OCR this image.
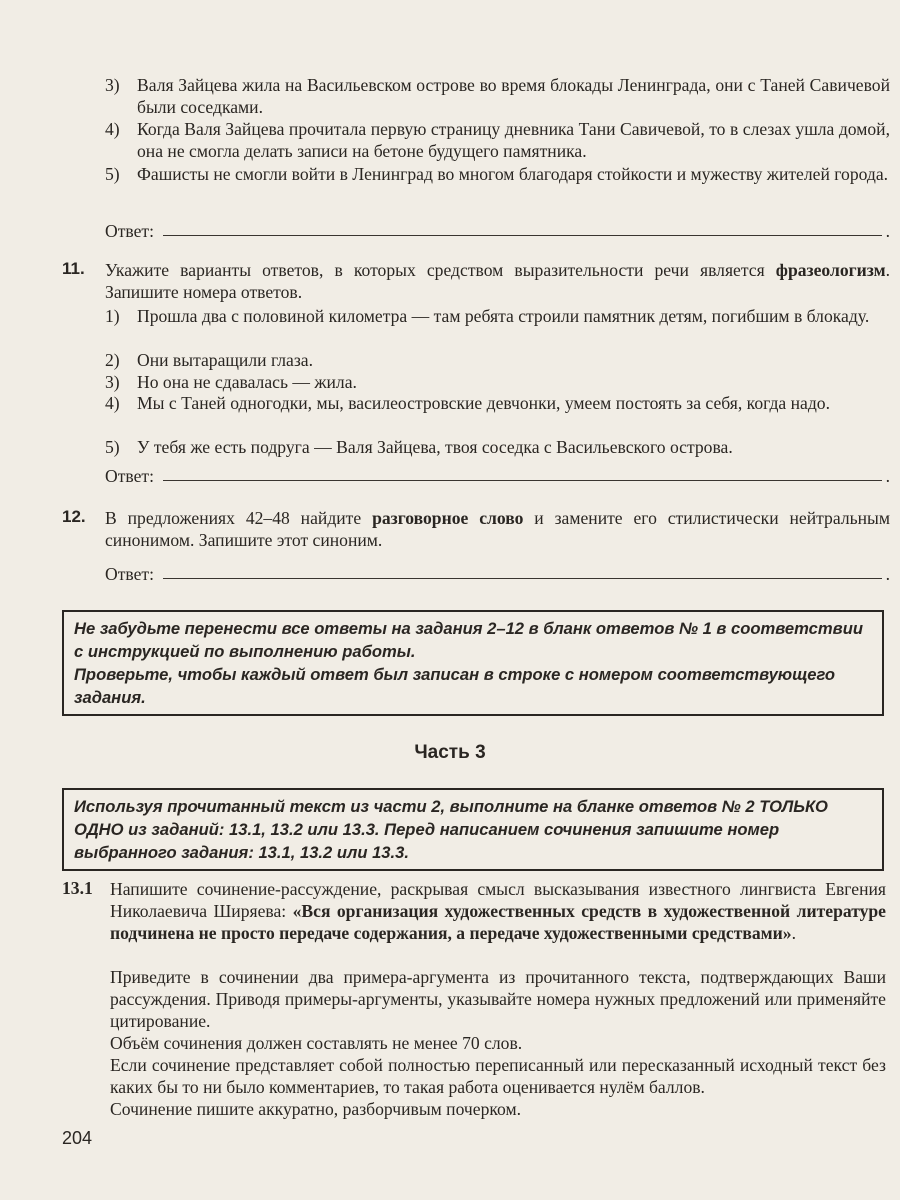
3) Валя Зайцева жила на Васильевском острове во время блокады Ленинграда, они с Таней Савичевой были соседками.
4) Когда Валя Зайцева прочитала первую страницу дневника Тани Савичевой, то в слезах ушла домой, она не смогла делать записи на бетоне будущего памятника.
5) Фашисты не смогли войти в Ленинград во многом благодаря стойкости и мужеству жителей города.
Ответ:	.
11. Укажите варианты ответов, в которых средством выразительности речи является фразеологизм. Запишите номера ответов.
1) Прошла два с половиной километра — там ребята строили памятник детям, погибшим в блокаду.
2) Они вытаращили глаза.
3) Но она не сдавалась — жила.
4) Мы с Таней одногодки, мы, василеостровские девчонки, умеем постоять за себя, когда надо.
5) У тебя же есть подруга — Валя Зайцева, твоя соседка с Васильевского острова.
Ответ:	.
12. В предложениях 42–48 найдите разговорное слово и замените его стилистически нейтральным синонимом. Запишите этот синоним.
Ответ:	.
Не забудьте перенести все ответы на задания 2–12 в бланк ответов № 1 в соответствии с инструкцией по выполнению работы.
Проверьте, чтобы каждый ответ был записан в строке с номером соответствующего задания.
Часть 3
Используя прочитанный текст из части 2, выполните на бланке ответов № 2 ТОЛЬКО ОДНО из заданий: 13.1, 13.2 или 13.3. Перед написанием сочинения запишите номер выбранного задания: 13.1, 13.2 или 13.3.
13.1 Напишите сочинение-рассуждение, раскрывая смысл высказывания известного лингвиста Евгения Николаевича Ширяева: «Вся организация художественных средств в художественной литературе подчинена не просто передаче содержания, а передаче художественными средствами».
Приведите в сочинении два примера-аргумента из прочитанного текста, подтверждающих Ваши рассуждения. Приводя примеры-аргументы, указывайте номера нужных предложений или применяйте цитирование.
Объём сочинения должен составлять не менее 70 слов.
Если сочинение представляет собой полностью переписанный или пересказанный исходный текст без каких бы то ни было комментариев, то такая работа оценивается нулём баллов.
Сочинение пишите аккуратно, разборчивым почерком.
204
